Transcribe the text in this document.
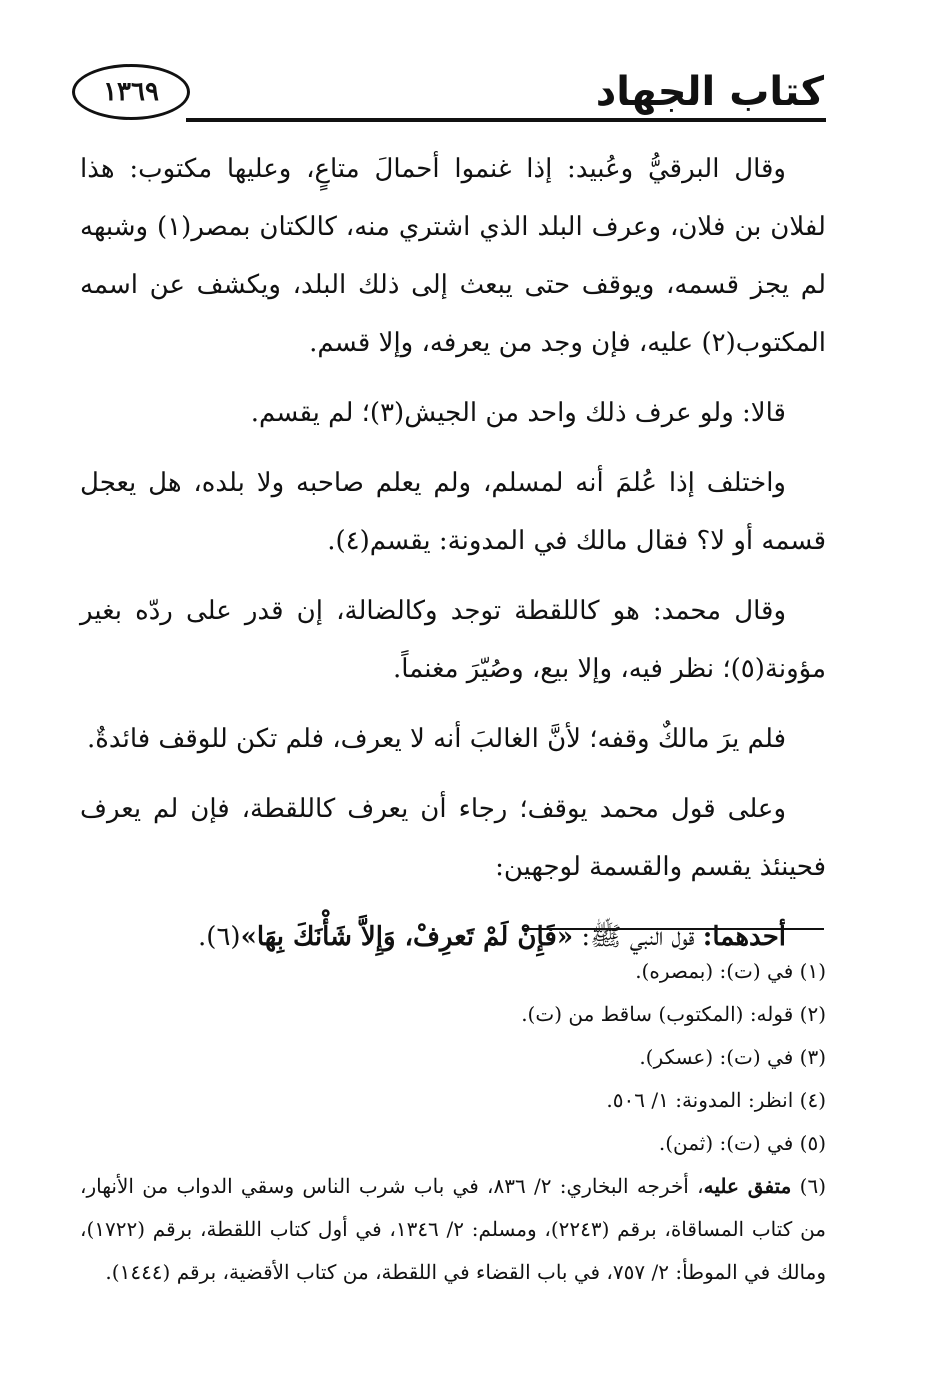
١٣٦٩	كتاب الجهاد

وقال البرقيُّ وعُبيد: إذا غنموا أحمالَ متاعٍ، وعليها مكتوب: هذا لفلان بن فلان، وعرف البلد الذي اشتري منه، كالكتان بمصر(١) وشبهه لم يجز قسمه، ويوقف حتى يبعث إلى ذلك البلد، ويكشف عن اسمه المكتوب(٢) عليه، فإن وجد من يعرفه، وإلا قسم.

قالا: ولو عرف ذلك واحد من الجيش(٣)؛ لم يقسم.

واختلف إذا عُلمَ أنه لمسلم، ولم يعلم صاحبه ولا بلده، هل يعجل قسمه أو لا؟ فقال مالك في المدونة: يقسم(٤).

وقال محمد: هو كاللقطة توجد وكالضالة، إن قدر على ردّه بغير مؤونة(٥)؛ نظر فيه، وإلا بيع، وصُيّرَ مغنماً.

فلم يرَ مالكٌ وقفه؛ لأنَّ الغالبَ أنه لا يعرف، فلم تكن للوقف فائدةٌ.

وعلى قول محمد يوقف؛ رجاء أن يعرف كاللقطة، فإن لم يعرف فحينئذ يقسم والقسمة لوجهين:

أحدهما: قول النبي ﷺ: «فَإِنْ لَمْ تَعرِفْ، وَإِلاَّ شَأْنَكَ بِهَا»(٦).

(١) في (ت): (بمصره).

(٢) قوله: (المكتوب) ساقط من (ت).

(٣) في (ت): (عسكر).

(٤) انظر: المدونة: ١/ ٥٠٦.

(٥) في (ت): (ثمن).

(٦) متفق عليه، أخرجه البخاري: ٢/ ٨٣٦، في باب شرب الناس وسقي الدواب من الأنهار، من كتاب المساقاة، برقم (٢٢٤٣)، ومسلم: ٢/ ١٣٤٦، في أول كتاب اللقطة، برقم (١٧٢٢)، ومالك في الموطأ: ٢/ ٧٥٧، في باب القضاء في اللقطة، من كتاب الأقضية، برقم (١٤٤٤).
